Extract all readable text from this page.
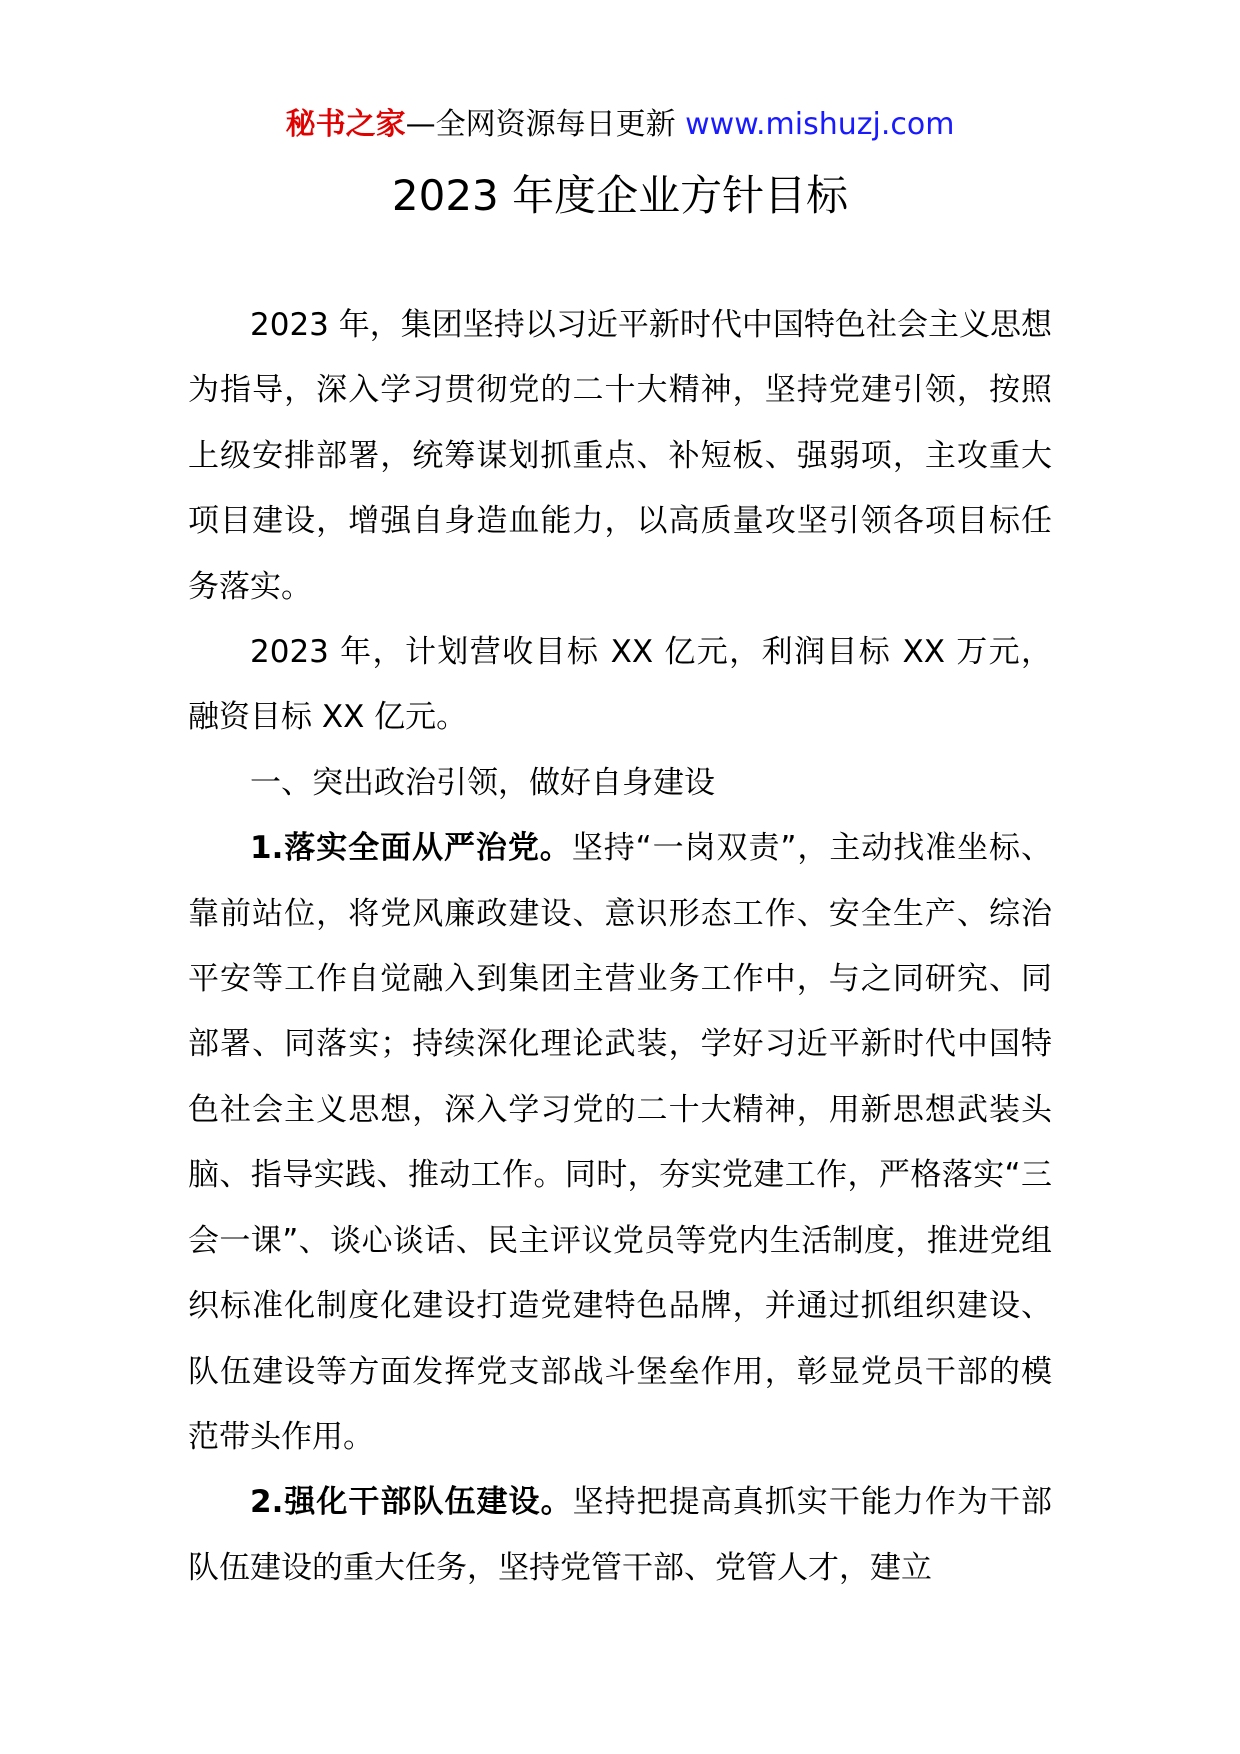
秘书之家—全网资源每日更新 www.mishuzj.com
2023 年度企业方针目标

2023 年，集团坚持以习近平新时代中国特色社会主义思想为指导，深入学习贯彻党的二十大精神，坚持党建引领，按照上级安排部署，统筹谋划抓重点、补短板、强弱项，主攻重大项目建设，增强自身造血能力，以高质量攻坚引领各项目标任务落实。

2023 年，计划营收目标 XX 亿元，利润目标 XX 万元，融资目标 XX 亿元。

一、突出政治引领，做好自身建设

1.落实全面从严治党。坚持“一岗双责”，主动找准坐标、靠前站位，将党风廉政建设、意识形态工作、安全生产、综治平安等工作自觉融入到集团主营业务工作中，与之同研究、同部署、同落实；持续深化理论武装，学好习近平新时代中国特色社会主义思想，深入学习党的二十大精神，用新思想武装头脑、指导实践、推动工作。同时，夯实党建工作，严格落实“三会一课”、谈心谈话、民主评议党员等党内生活制度，推进党组织标准化制度化建设打造党建特色品牌，并通过抓组织建设、队伍建设等方面发挥党支部战斗堡垒作用，彰显党员干部的模范带头作用。

2.强化干部队伍建设。坚持把提高真抓实干能力作为干部队伍建设的重大任务，坚持党管干部、党管人才，建立
